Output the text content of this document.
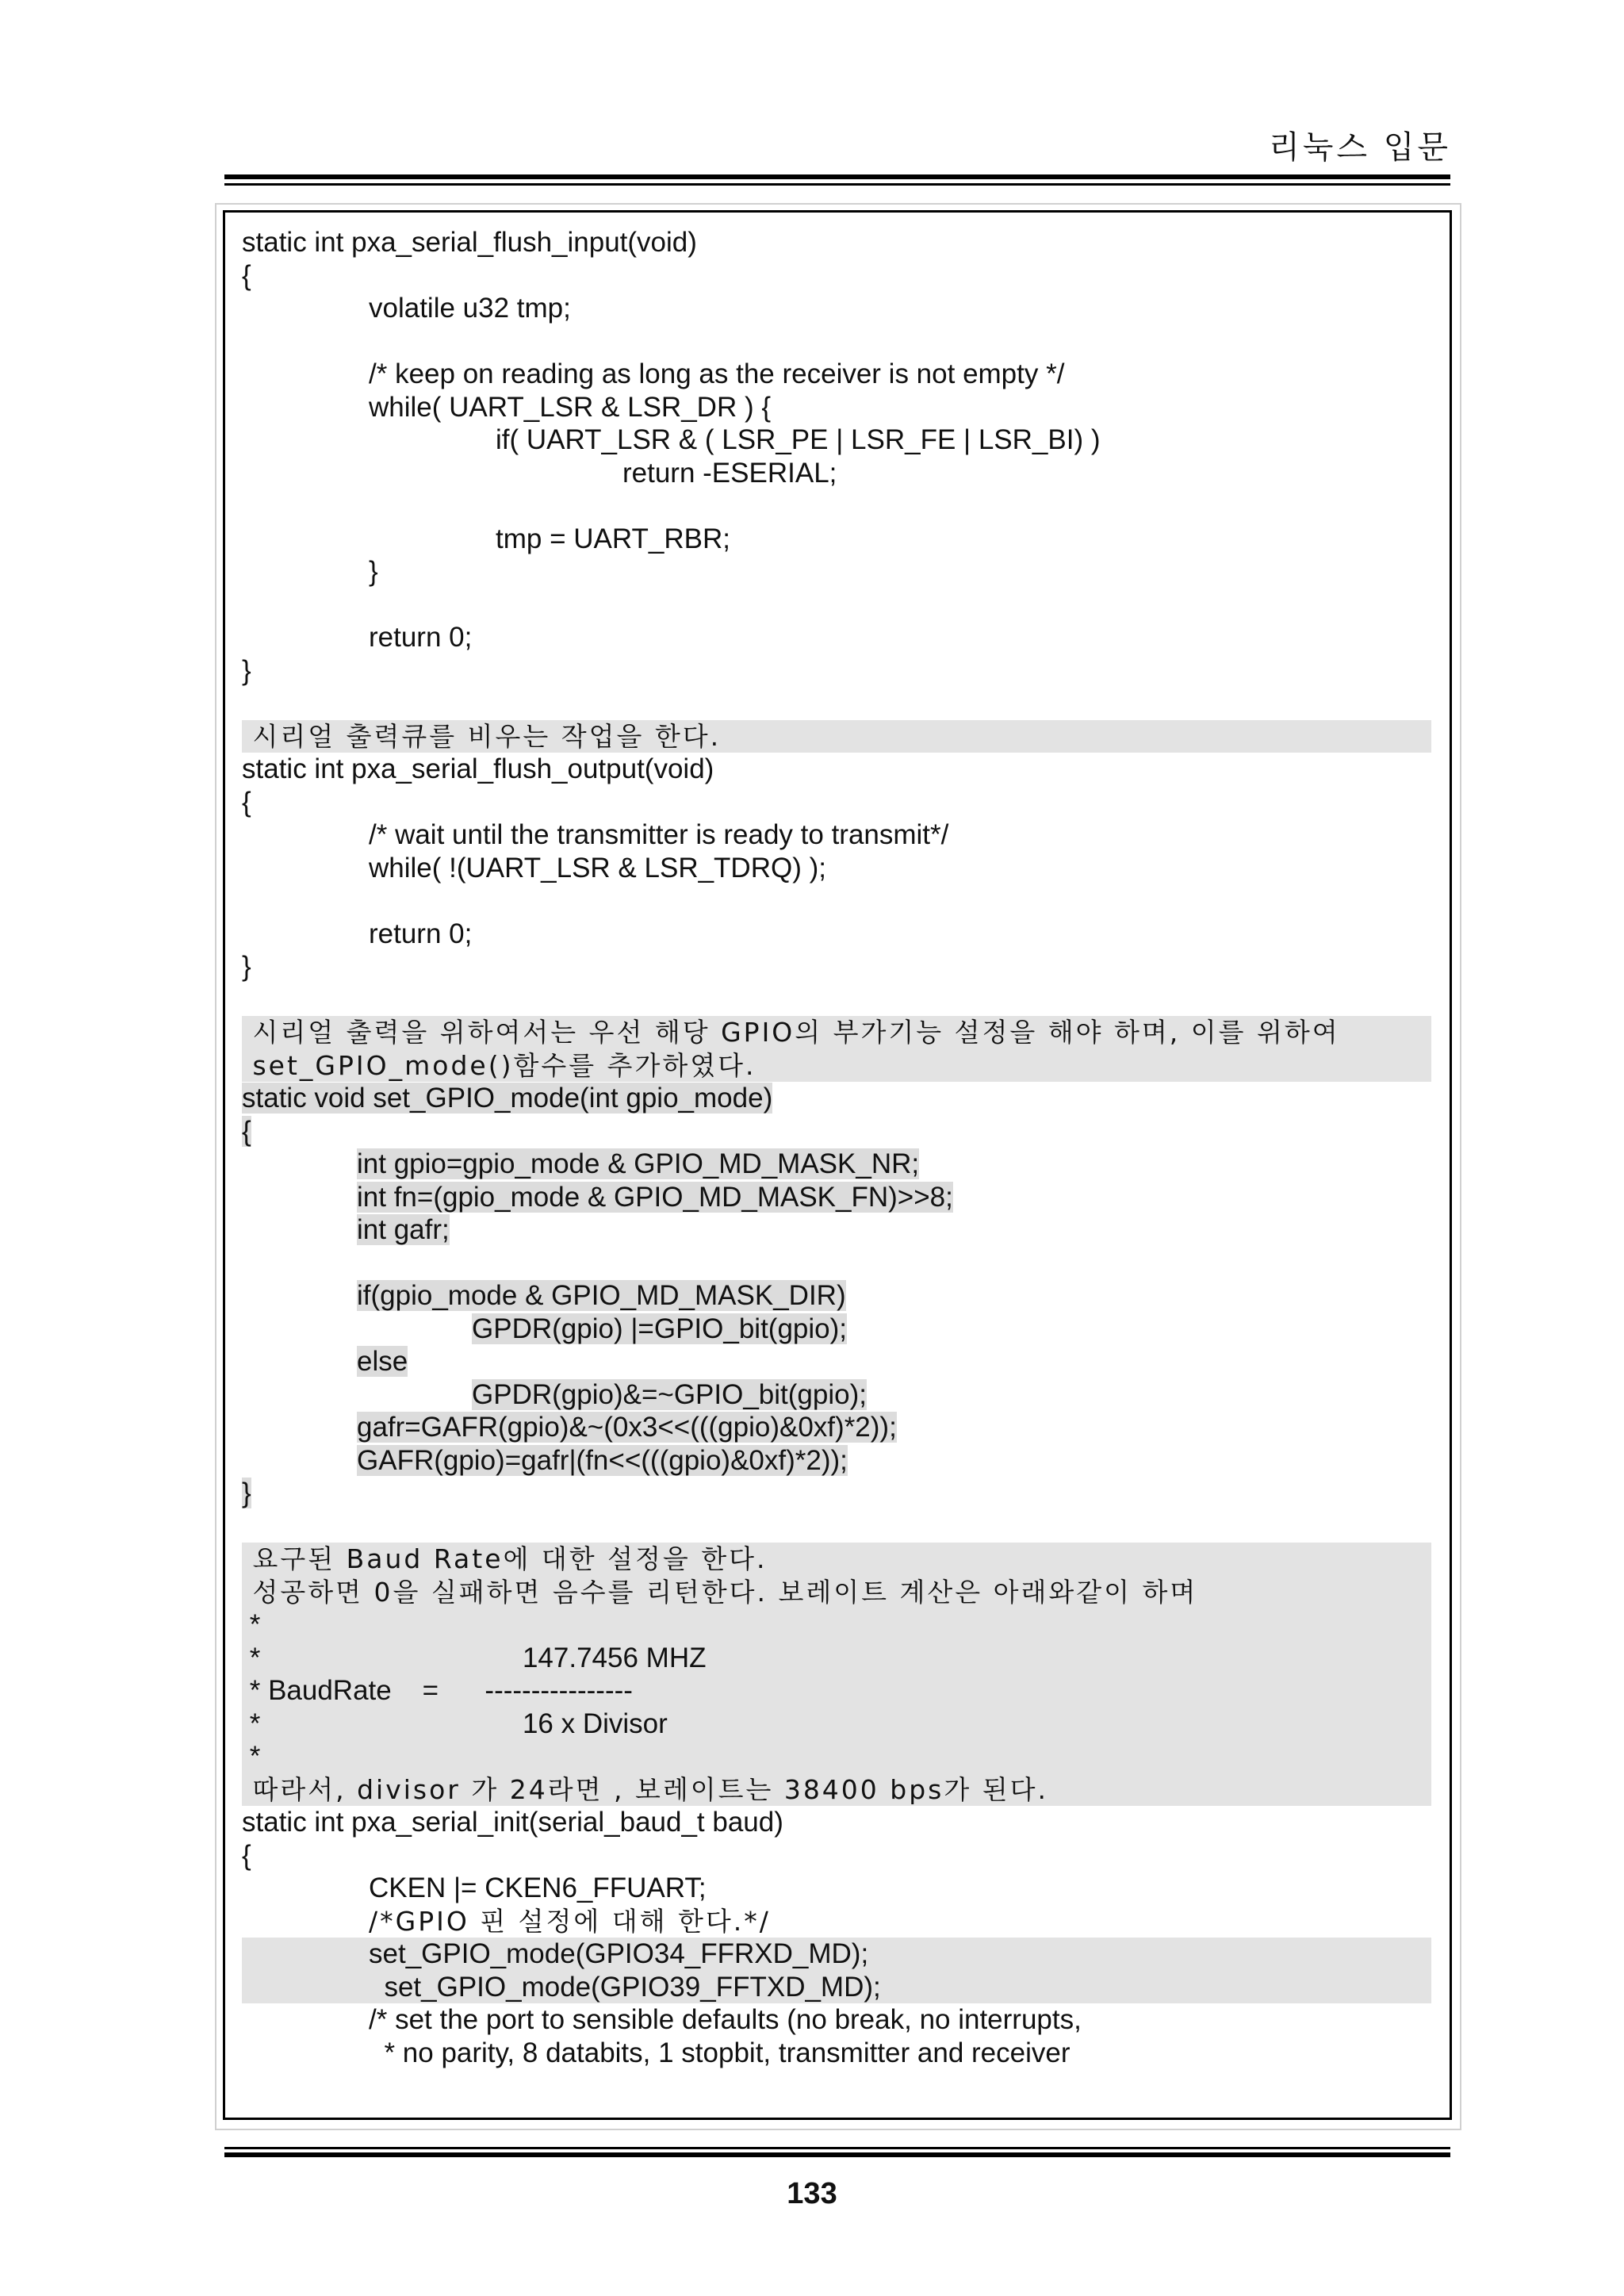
리눅스 입문
static int pxa_serial_flush_input(void)
{
volatile u32 tmp;
/* keep on reading as long as the receiver is not empty */
while( UART_LSR & LSR_DR ) {
if( UART_LSR & ( LSR_PE | LSR_FE | LSR_BI) )
return -ESERIAL;
tmp = UART_RBR;
}
return 0;
}
시리얼 출력큐를 비우는 작업을 한다.
static int pxa_serial_flush_output(void)
{
/* wait until the transmitter is ready to transmit*/
while( !(UART_LSR & LSR_TDRQ) );
return 0;
}
시리얼 출력을 위하여서는 우선 해당 GPIO의 부가기능 설정을 해야 하며, 이를 위하여
set_GPIO_mode()함수를 추가하였다.
static void set_GPIO_mode(int gpio_mode)
{
int gpio=gpio_mode & GPIO_MD_MASK_NR;
int fn=(gpio_mode & GPIO_MD_MASK_FN)>>8;
int gafr;
if(gpio_mode & GPIO_MD_MASK_DIR)
GPDR(gpio) |=GPIO_bit(gpio);
else
GPDR(gpio)&=~GPIO_bit(gpio);
gafr=GAFR(gpio)&~(0x3<<(((gpio)&0xf)*2));
GAFR(gpio)=gafr|(fn<<(((gpio)&0xf)*2));
}
요구된 Baud Rate에 대한 설정을 한다.
성공하면 0을 실패하면 음수를 리턴한다. 보레이트 계산은 아래와같이 하며
*
*                                  147.7456 MHZ
* BaudRate    =      ----------------
*                                  16 x Divisor
*
따라서, divisor 가 24라면 , 보레이트는 38400 bps가 된다.
static int pxa_serial_init(serial_baud_t baud)
{
CKEN |= CKEN6_FFUART;
/*GPIO 핀 설정에 대해 한다.*/
set_GPIO_mode(GPIO34_FFRXD_MD);
set_GPIO_mode(GPIO39_FFTXD_MD);
/* set the port to sensible defaults (no break, no interrupts,
* no parity, 8 databits, 1 stopbit, transmitter and receiver
133
